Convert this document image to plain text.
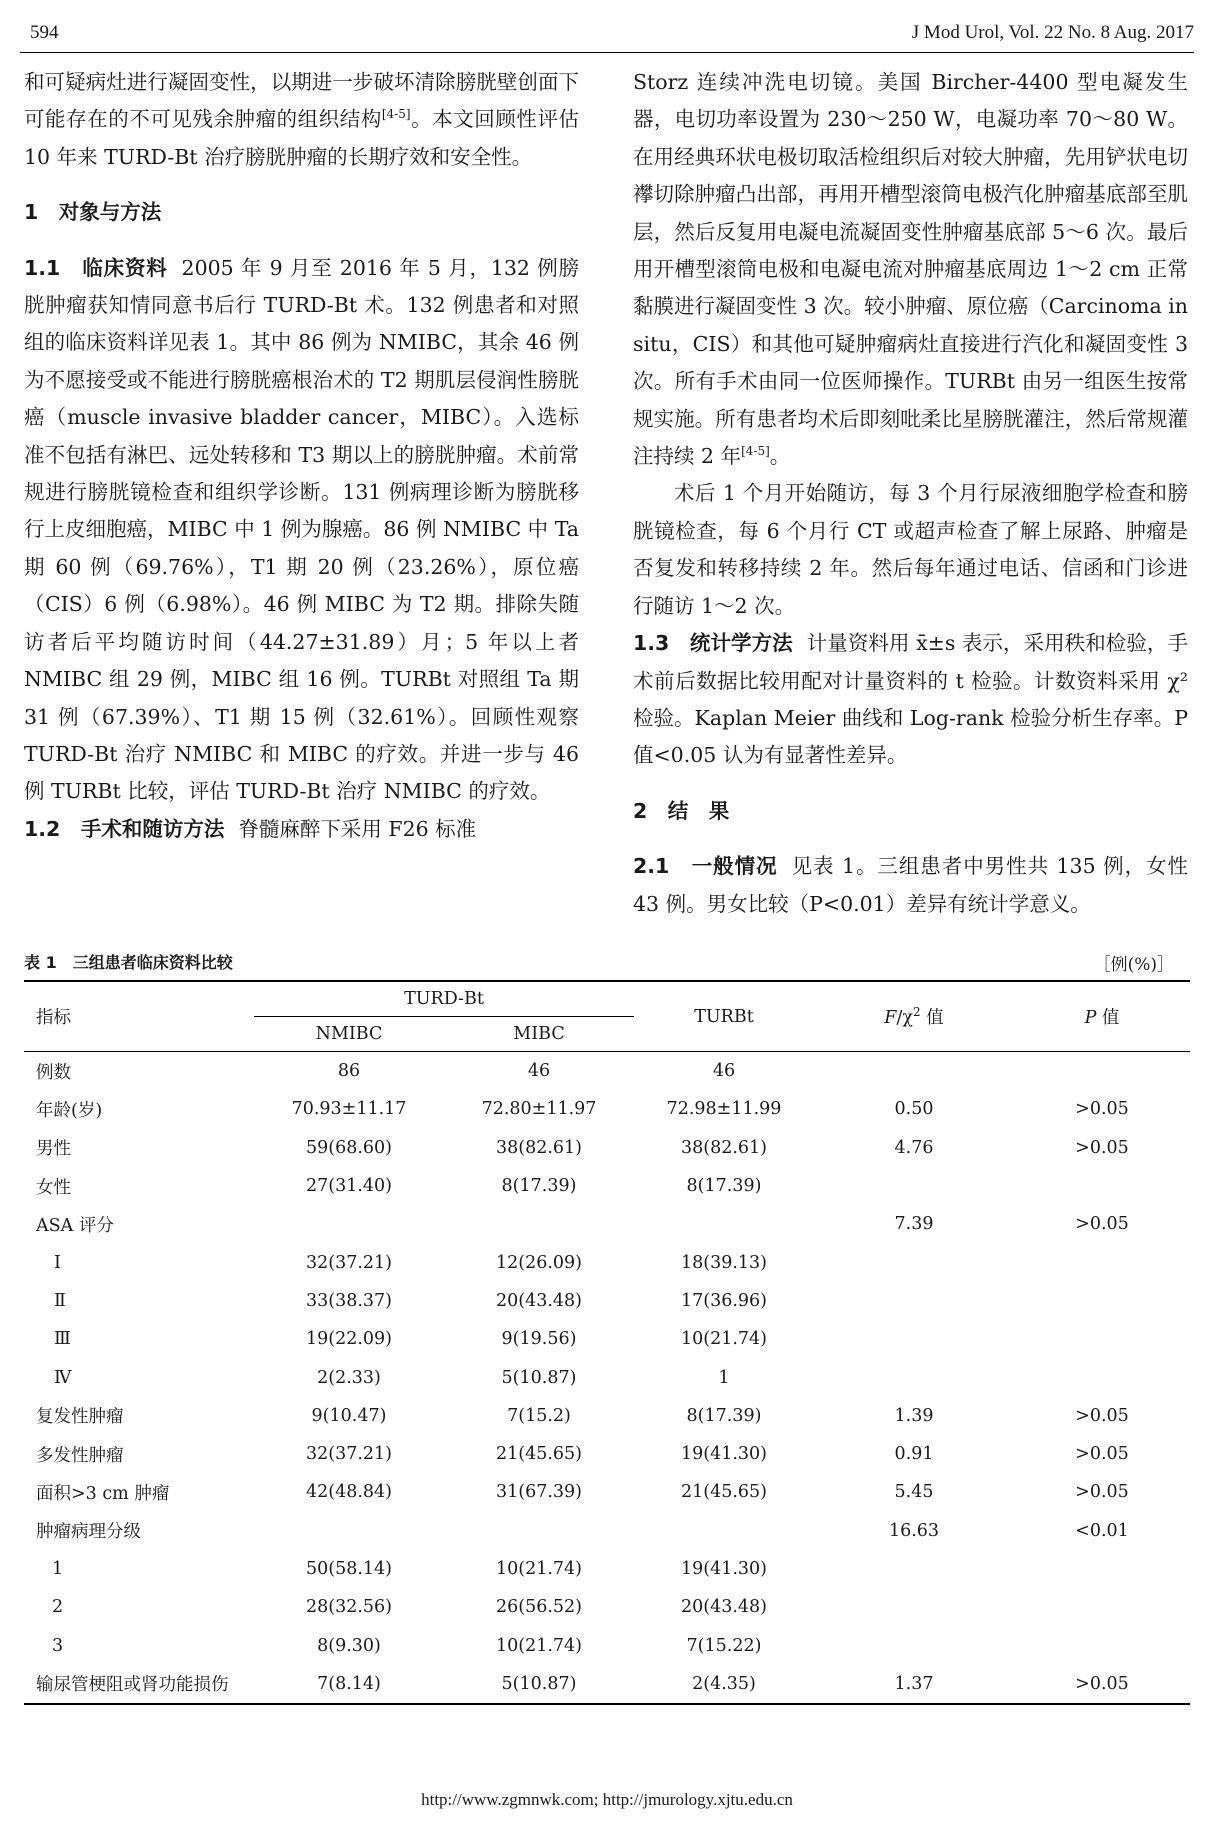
594	J Mod Urol, Vol. 22 No. 8 Aug. 2017

和可疑病灶进行凝固变性，以期进一步破坏清除膀胱壁创面下可能存在的不可见残余肿瘤的组织结构[4-5]。本文回顾性评估 10 年来 TURD-Bt 治疗膀胱肿瘤的长期疗效和安全性。

1　对象与方法

1.1　临床资料 2005 年 9 月至 2016 年 5 月，132 例膀胱肿瘤获知情同意书后行 TURD-Bt 术。132 例患者和对照组的临床资料详见表 1。其中 86 例为 NMIBC，其余 46 例为不愿接受或不能进行膀胱癌根治术的 T2 期肌层侵润性膀胱癌（muscle invasive bladder cancer，MIBC）。入选标准不包括有淋巴、远处转移和 T3 期以上的膀胱肿瘤。术前常规进行膀胱镜检查和组织学诊断。131 例病理诊断为膀胱移行上皮细胞癌，MIBC 中 1 例为腺癌。86 例 NMIBC 中 Ta 期 60 例（69.76%），T1 期 20 例（23.26%），原位癌（CIS）6 例（6.98%）。46 例 MIBC 为 T2 期。排除失随访者后平均随访时间（44.27±31.89）月；5 年以上者 NMIBC 组 29 例，MIBC 组 16 例。TURBt 对照组 Ta 期 31 例（67.39%）、T1 期 15 例（32.61%）。回顾性观察 TURD-Bt 治疗 NMIBC 和 MIBC 的疗效。并进一步与 46 例 TURBt 比较，评估 TURD-Bt 治疗 NMIBC 的疗效。

1.2　手术和随访方法 脊髓麻醉下采用 F26 标准

Storz 连续冲洗电切镜。美国 Bircher-4400 型电凝发生器，电切功率设置为 230～250 W，电凝功率 70～80 W。在用经典环状电极切取活检组织后对较大肿瘤，先用铲状电切襻切除肿瘤凸出部，再用开槽型滚筒电极汽化肿瘤基底部至肌层，然后反复用电凝电流凝固变性肿瘤基底部 5～6 次。最后用开槽型滚筒电极和电凝电流对肿瘤基底周边 1～2 cm 正常黏膜进行凝固变性 3 次。较小肿瘤、原位癌（Carcinoma in situ，CIS）和其他可疑肿瘤病灶直接进行汽化和凝固变性 3 次。所有手术由同一位医师操作。TURBt 由另一组医生按常规实施。所有患者均术后即刻吡柔比星膀胱灌注，然后常规灌注持续 2 年[4-5]。

术后 1 个月开始随访，每 3 个月行尿液细胞学检查和膀胱镜检查，每 6 个月行 CT 或超声检查了解上尿路、肿瘤是否复发和转移持续 2 年。然后每年通过电话、信函和门诊进行随访 1～2 次。

1.3　统计学方法 计量资料用 x̄±s 表示，采用秩和检验，手术前后数据比较用配对计量资料的 t 检验。计数资料采用 χ² 检验。Kaplan Meier 曲线和 Log-rank 检验分析生存率。P 值<0.05 认为有显著性差异。

2　结　果

2.1　一般情况 见表 1。三组患者中男性共 135 例，女性 43 例。男女比较（P<0.01）差异有统计学意义。

表 1　三组患者临床资料比较	［例(%)］
指标	TURD-Bt		TURBt	$F/\chi^2$ 值	P 值
	NMIBC	MIBC			
例数	86	46	46		
年龄(岁)	70.93±11.17	72.80±11.97	72.98±11.99	0.50	>0.05
男性	59(68.60)	38(82.61)	38(82.61)	4.76	>0.05
女性	27(31.40)	8(17.39)	8(17.39)		
ASA 评分				7.39	>0.05
Ⅰ	32(37.21)	12(26.09)	18(39.13)		
Ⅱ	33(38.37)	20(43.48)	17(36.96)		
Ⅲ	19(22.09)	9(19.56)	10(21.74)		
Ⅳ	2(2.33)	5(10.87)	1		
复发性肿瘤	9(10.47)	7(15.2)	8(17.39)	1.39	>0.05
多发性肿瘤	32(37.21)	21(45.65)	19(41.30)	0.91	>0.05
面积>3 cm 肿瘤	42(48.84)	31(67.39)	21(45.65)	5.45	>0.05
肿瘤病理分级				16.63	<0.01
1	50(58.14)	10(21.74)	19(41.30)		
2	28(32.56)	26(56.52)	20(43.48)		
3	8(9.30)	10(21.74)	7(15.22)		
输尿管梗阻或肾功能损伤	7(8.14)	5(10.87)	2(4.35)	1.37	>0.05
http://www.zgmnwk.com; http://jmurology.xjtu.edu.cn
